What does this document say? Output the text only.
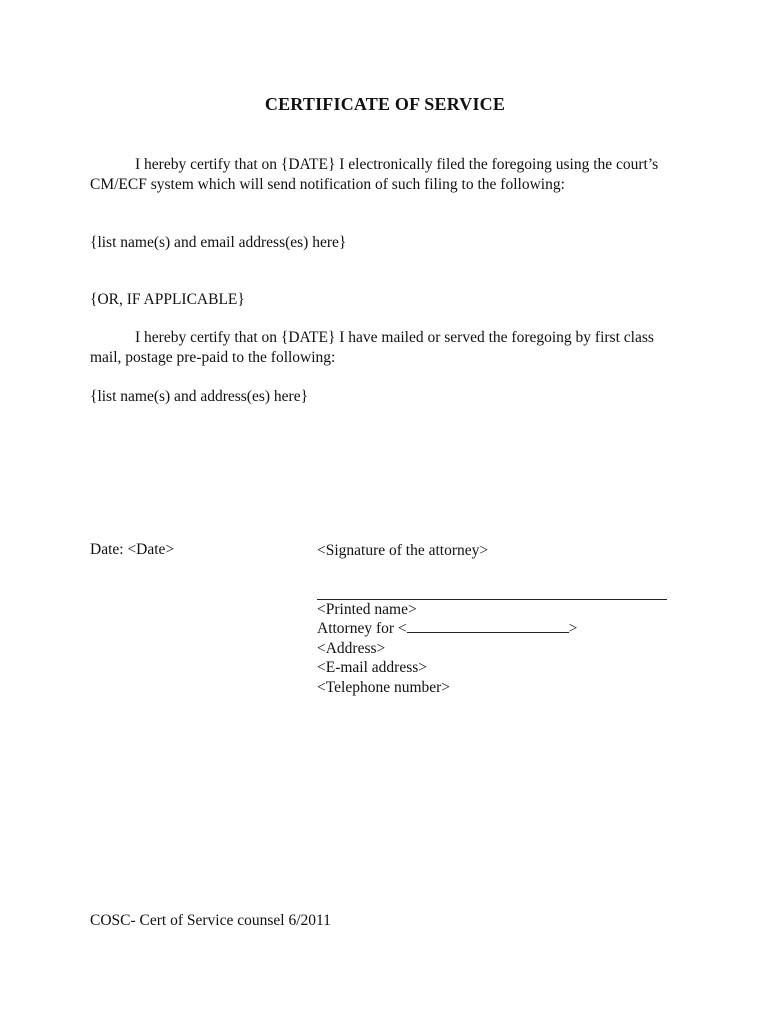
CERTIFICATE OF SERVICE

I hereby certify that on {DATE} I electronically filed the foregoing using the court’s CM/ECF system which will send notification of such filing to the following:

{list name(s) and email address(es) here}

{OR, IF APPLICABLE}

I hereby certify that on {DATE} I have mailed or served the foregoing by first class mail, postage pre-paid to the following:

{list name(s) and address(es) here}

Date: <Date>	<Signature of the attorney>
<Printed name>
Attorney for <	>
<Address>
<E-mail address>
<Telephone number>
COSC- Cert of Service counsel 6/2011
